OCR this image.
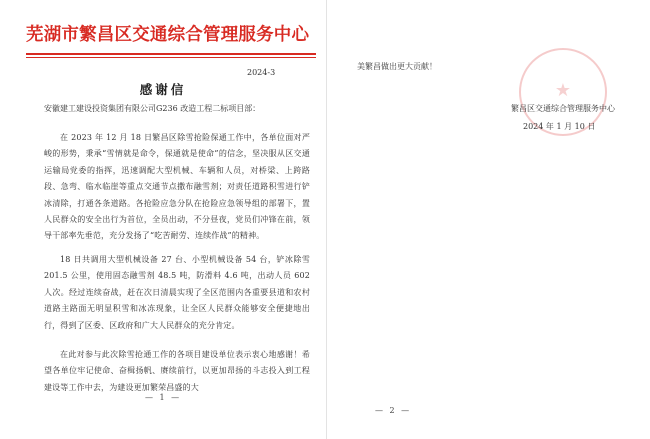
芜湖市繁昌区交通综合管理服务中心
2024-3
感谢信
安徽建工建设投资集团有限公司G236 改造工程二标项目部：

在 2023 年 12 月 18 日繁昌区除雪抢险保通工作中，各单位面对严峻的形势，秉承“雪情就是命令，保通就是使命”的信念，坚决服从区交通运输局党委的指挥，迅速调配大型机械、车辆和人员，对桥梁、上跨路段、急弯、临水临崖等重点交通节点撒布融雪剂；对责任道路积雪进行铲冰清除，打通各条道路。各抢险应急分队在抢险应急领导组的部署下，置人民群众的安全出行为首位，全员出动，不分昼夜，党员们冲锋在前，领导干部率先垂范，充分发扬了“吃苦耐劳、连续作战”的精神。

18 日共调用大型机械设备 27 台、小型机械设备 54 台，铲冰除雪 201.5 公里，使用固态融雪剂 48.5 吨，防滑料 4.6 吨，出动人员 602 人次。经过连续奋战，赶在次日清晨实现了全区范围内各重要县道和农村道路主路面无明显积雪和冰冻现象，让全区人民群众能够安全便捷地出行，得到了区委、区政府和广大人民群众的充分肯定。

在此对参与此次除雪抢通工作的各项目建设单位表示衷心地感谢！希望各单位牢记使命、奋楫扬帆、赓续前行，以更加昂扬的斗志投入到工程建设等工作中去，为建设更加繁荣昌盛的大

— 1 —
美繁昌做出更大贡献！
★
繁昌区交通综合管理服务中心
2024 年 1 月 10 日
— 2 —
